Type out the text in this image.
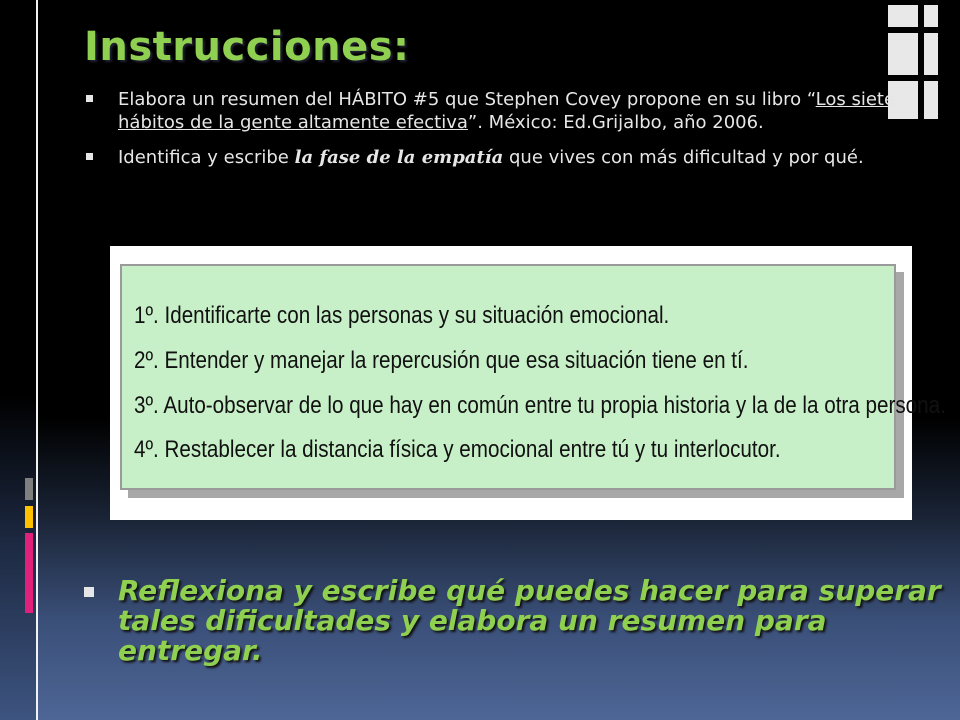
Instrucciones:
Elabora un resumen del HÁBITO #5 que Stephen Covey propone en su libro “Los siete hábitos de la gente altamente efectiva”. México: Ed.Grijalbo, año 2006.
Identifica y escribe la fase de la empatía que vives con más dificultad y por qué.
1º. Identificarte con las personas y su situación emocional.
2º. Entender y manejar la repercusión que esa situación tiene en tí.
3º. Auto-observar de lo que hay en común entre tu propia historia y la de la otra persona.
4º. Restablecer la distancia física y emocional entre tú y tu interlocutor.
Reflexiona y escribe qué puedes hacer para superar tales dificultades y elabora un resumen para entregar.
